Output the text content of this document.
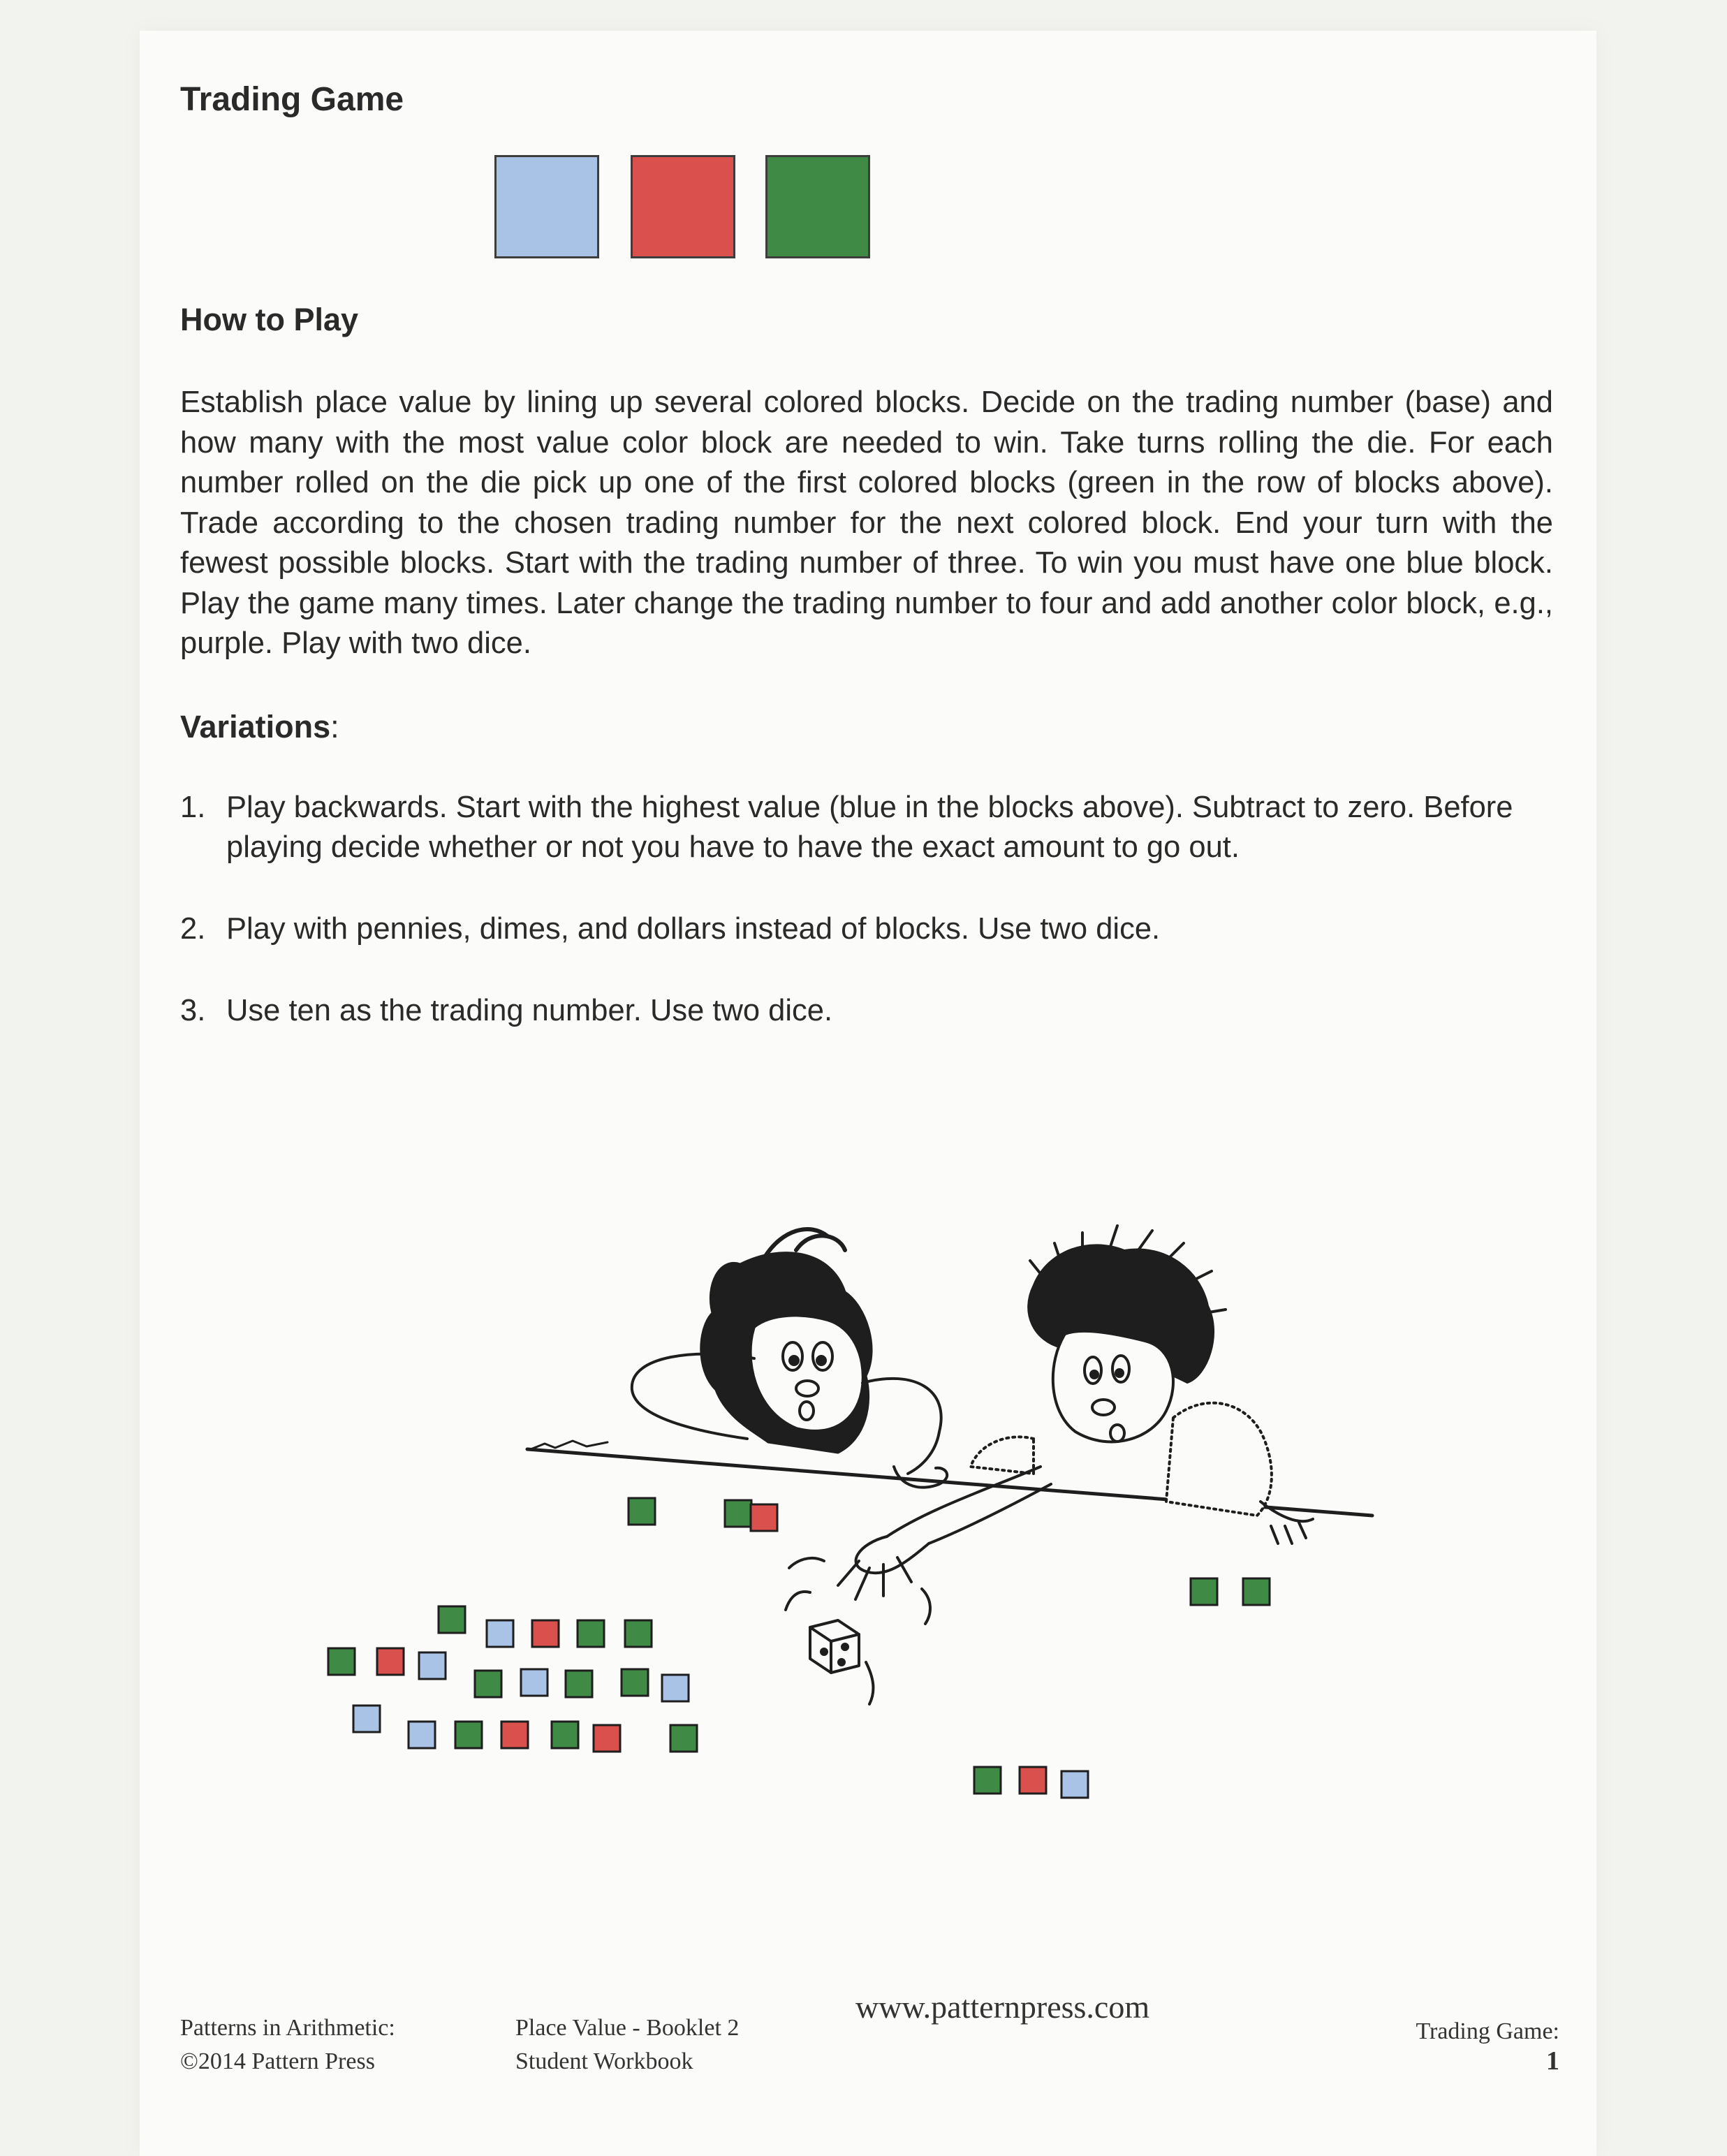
Trading Game
How to Play
Establish place value by lining up several colored blocks. Decide on the trading number (base) and how many with the most value color block are needed to win. Take turns rolling the die. For each number rolled on the die pick up one of the first colored blocks (green in the row of blocks above). Trade according to the chosen trading number for the next colored block. End your turn with the fewest possible blocks. Start with the trading number of three. To win you must have one blue block. Play the game many times. Later change the trading number to four and add another color block, e.g., purple. Play with two dice.
Variations:
1. Play backwards. Start with the highest value (blue in the blocks above). Subtract to zero. Before playing decide whether or not you have to have the exact amount to go out.
2. Play with pennies, dimes, and dollars instead of blocks. Use two dice.
3. Use ten as the trading number. Use two dice.
Patterns in Arithmetic:	Place Value - Booklet 2
©2014 Pattern Press	Student Workbook
www.patternpress.com
Trading Game:
1
